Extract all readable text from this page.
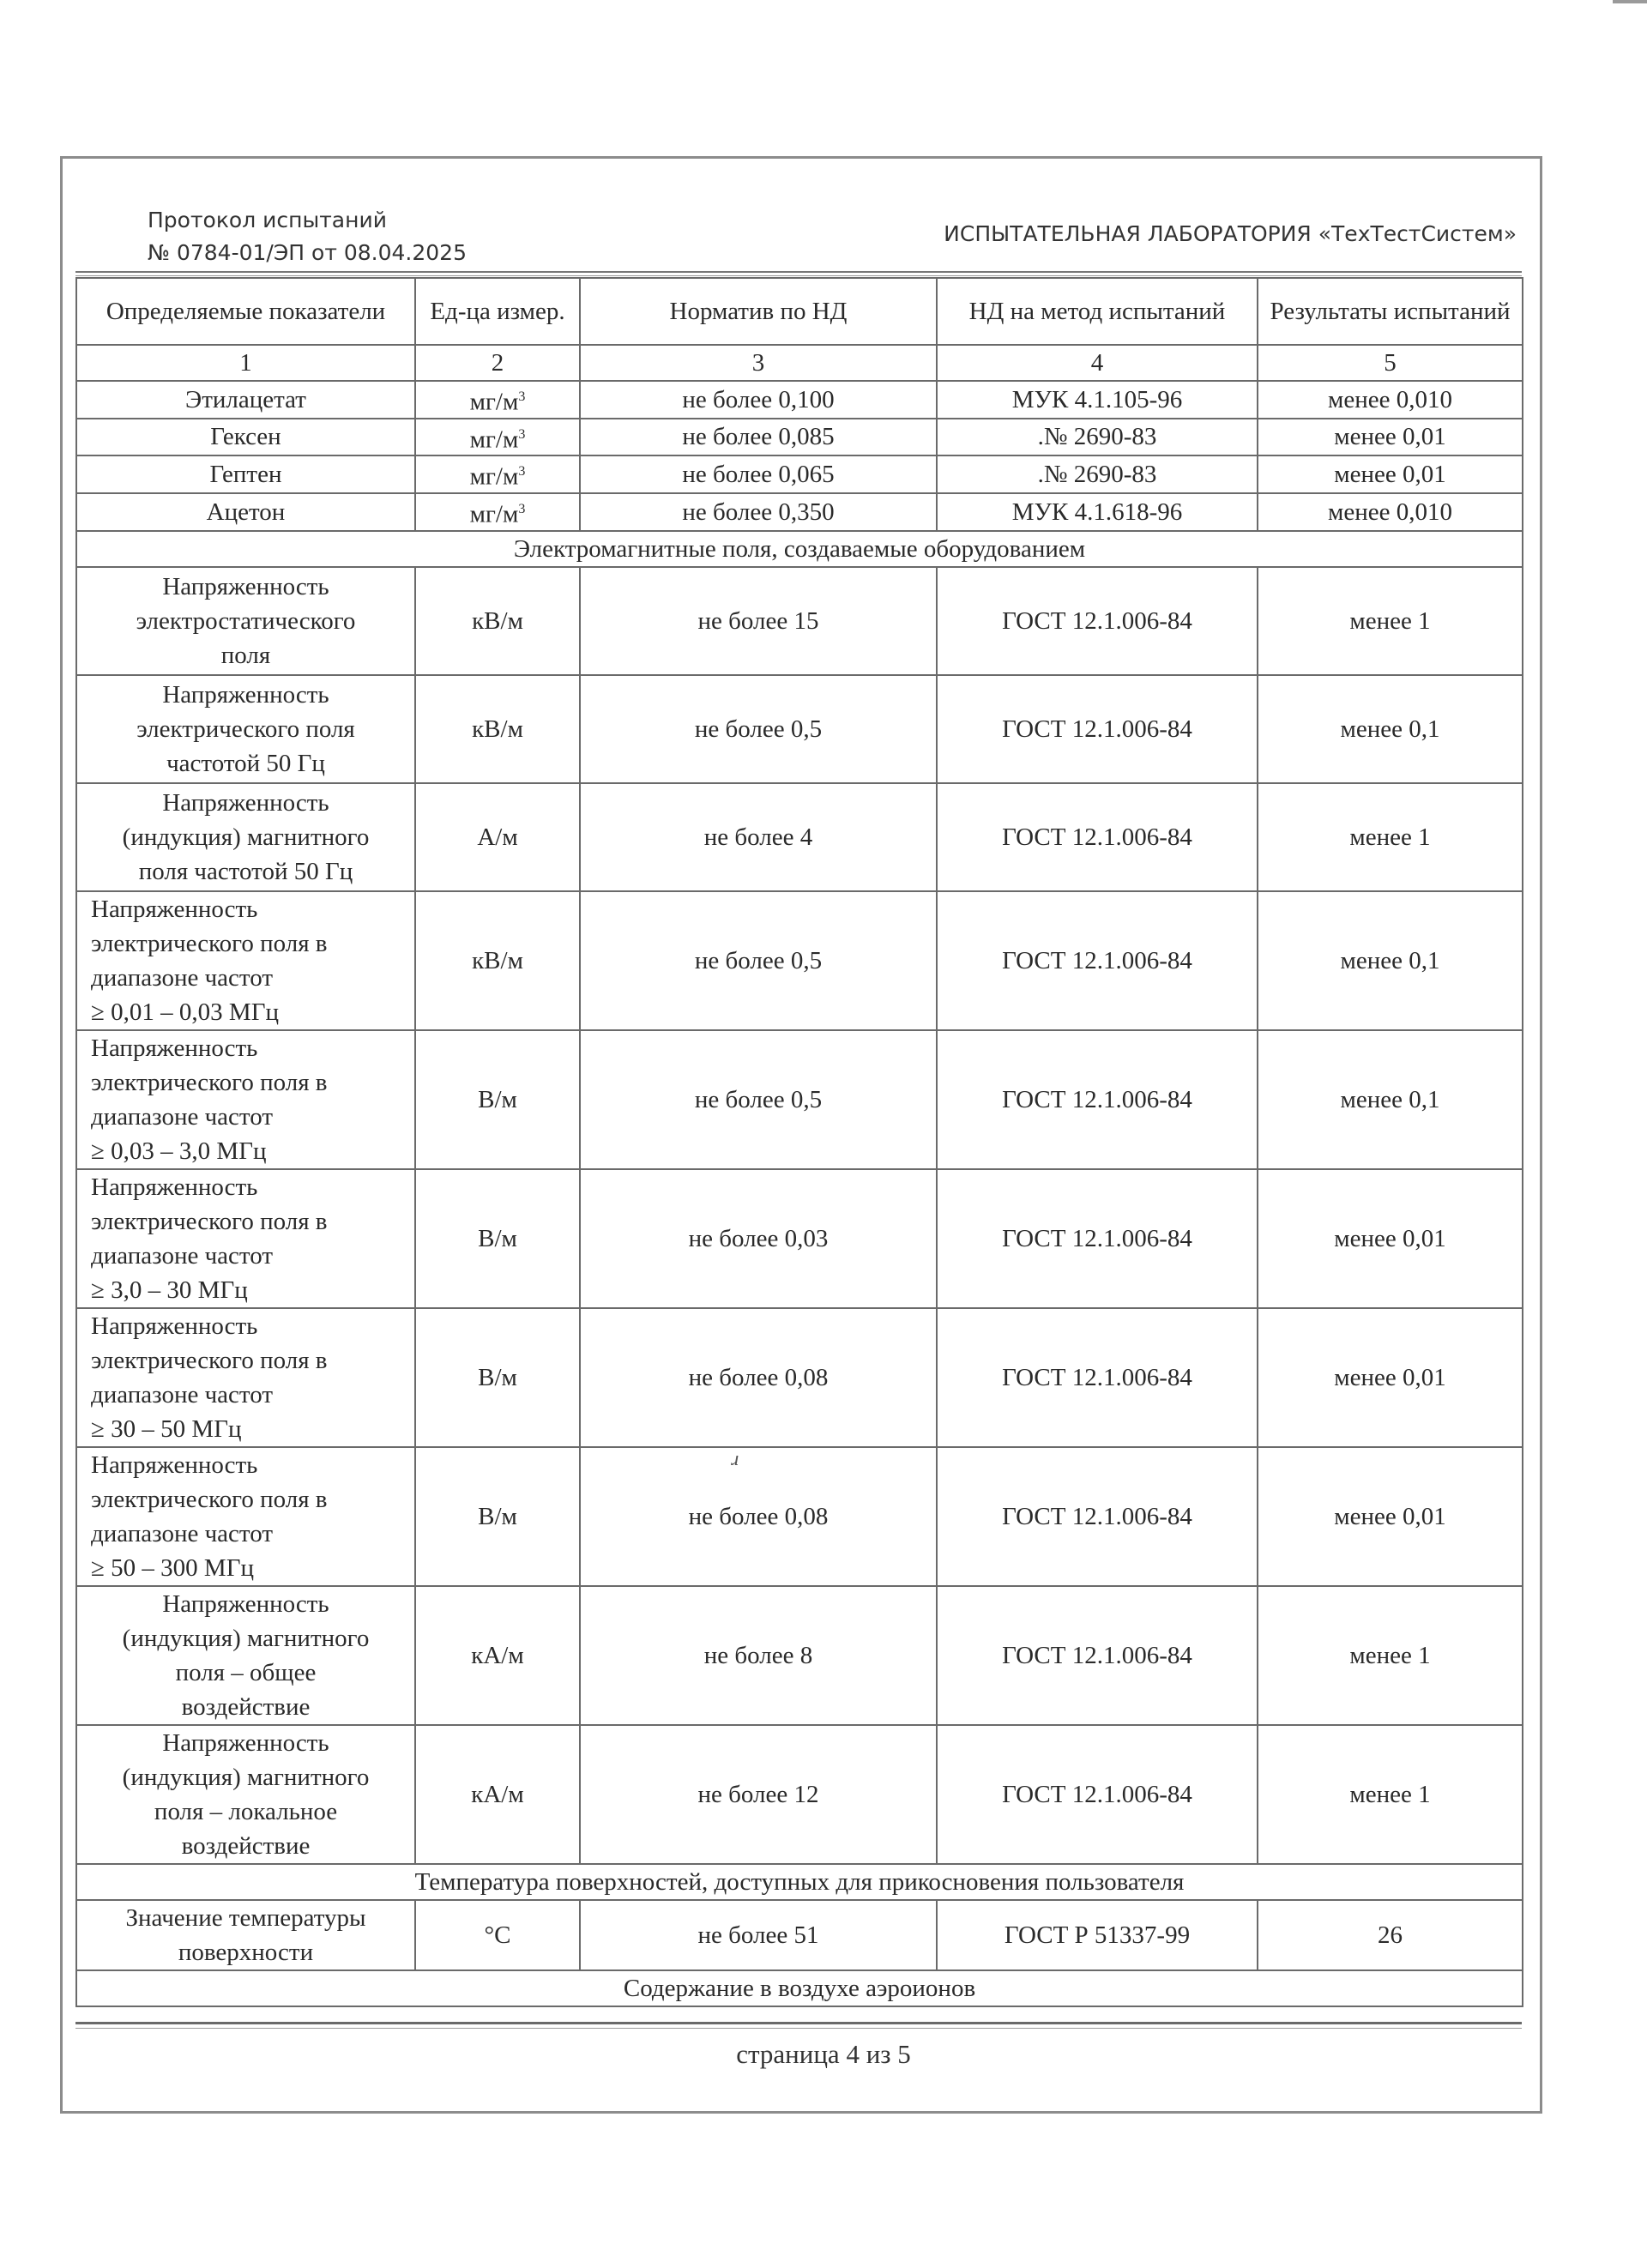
Протокол испытаний
№ 0784-01/ЭП от 08.04.2025
ИСПЫТАТЕЛЬНАЯ ЛАБОРАТОРИЯ «ТехТестСистем»
Определяемые показатели	Ед-ца измер.	Норматив по НД	НД на метод испытаний	Результаты испытаний
1	2	3	4	5
Этилацетат	$мг/м^3$	не более 0,100	МУК 4.1.105-96	менее 0,010
Гексен	$мг/м^3$	не более 0,085	.№ 2690-83	менее 0,01
Гептен	$мг/м^3$	не более 0,065	.№ 2690-83	менее 0,01
Ацетон	$мг/м^3$	не более 0,350	МУК 4.1.618-96	менее 0,010
Электромагнитные поля, создаваемые оборудованием				

Напряженность
электростатического
поля	кВ/м	не более 15	ГОСТ 12.1.006-84	менее 1

Напряженность
электрического поля
частотой 50 Гц	кВ/м	не более 0,5	ГОСТ 12.1.006-84	менее 0,1

Напряженность
(индукция) магнитного
поля частотой 50 Гц	А/м	не более 4	ГОСТ 12.1.006-84	менее 1

Напряженность
электрического поля в
диапазоне частот
≥ 0,01 – 0,03 МГц	кВ/м	не более 0,5	ГОСТ 12.1.006-84	менее 0,1

Напряженность
электрического поля в
диапазоне частот
≥ 0,03 – 3,0 МГц	В/м	не более 0,5	ГОСТ 12.1.006-84	менее 0,1

Напряженность
электрического поля в
диапазоне частот
≥ 3,0 – 30 МГц	В/м	не более 0,03	ГОСТ 12.1.006-84	менее 0,01

Напряженность
электрического поля в
диапазоне частот
≥ 30 – 50 МГц	В/м	не более 0,08	ГОСТ 12.1.006-84	менее 0,01

Напряженность
электрического поля в
диапазоне частот
≥ 50 – 300 МГц	В/м	не более 0,08	ГОСТ 12.1.006-84	менее 0,01

Напряженность
(индукция) магнитного
поля – общее
воздействие	кА/м	не более 8	ГОСТ 12.1.006-84	менее 1

Напряженность
(индукция) магнитного
поля – локальное
воздействие	кА/м	не более 12	ГОСТ 12.1.006-84	менее 1
Температура поверхностей, доступных для прикосновения пользователя				

Значение температуры
поверхности	°С	не более 51	ГОСТ Р 51337-99	26
Содержание в воздухе аэроионов				
ɹ
страница 4 из 5
